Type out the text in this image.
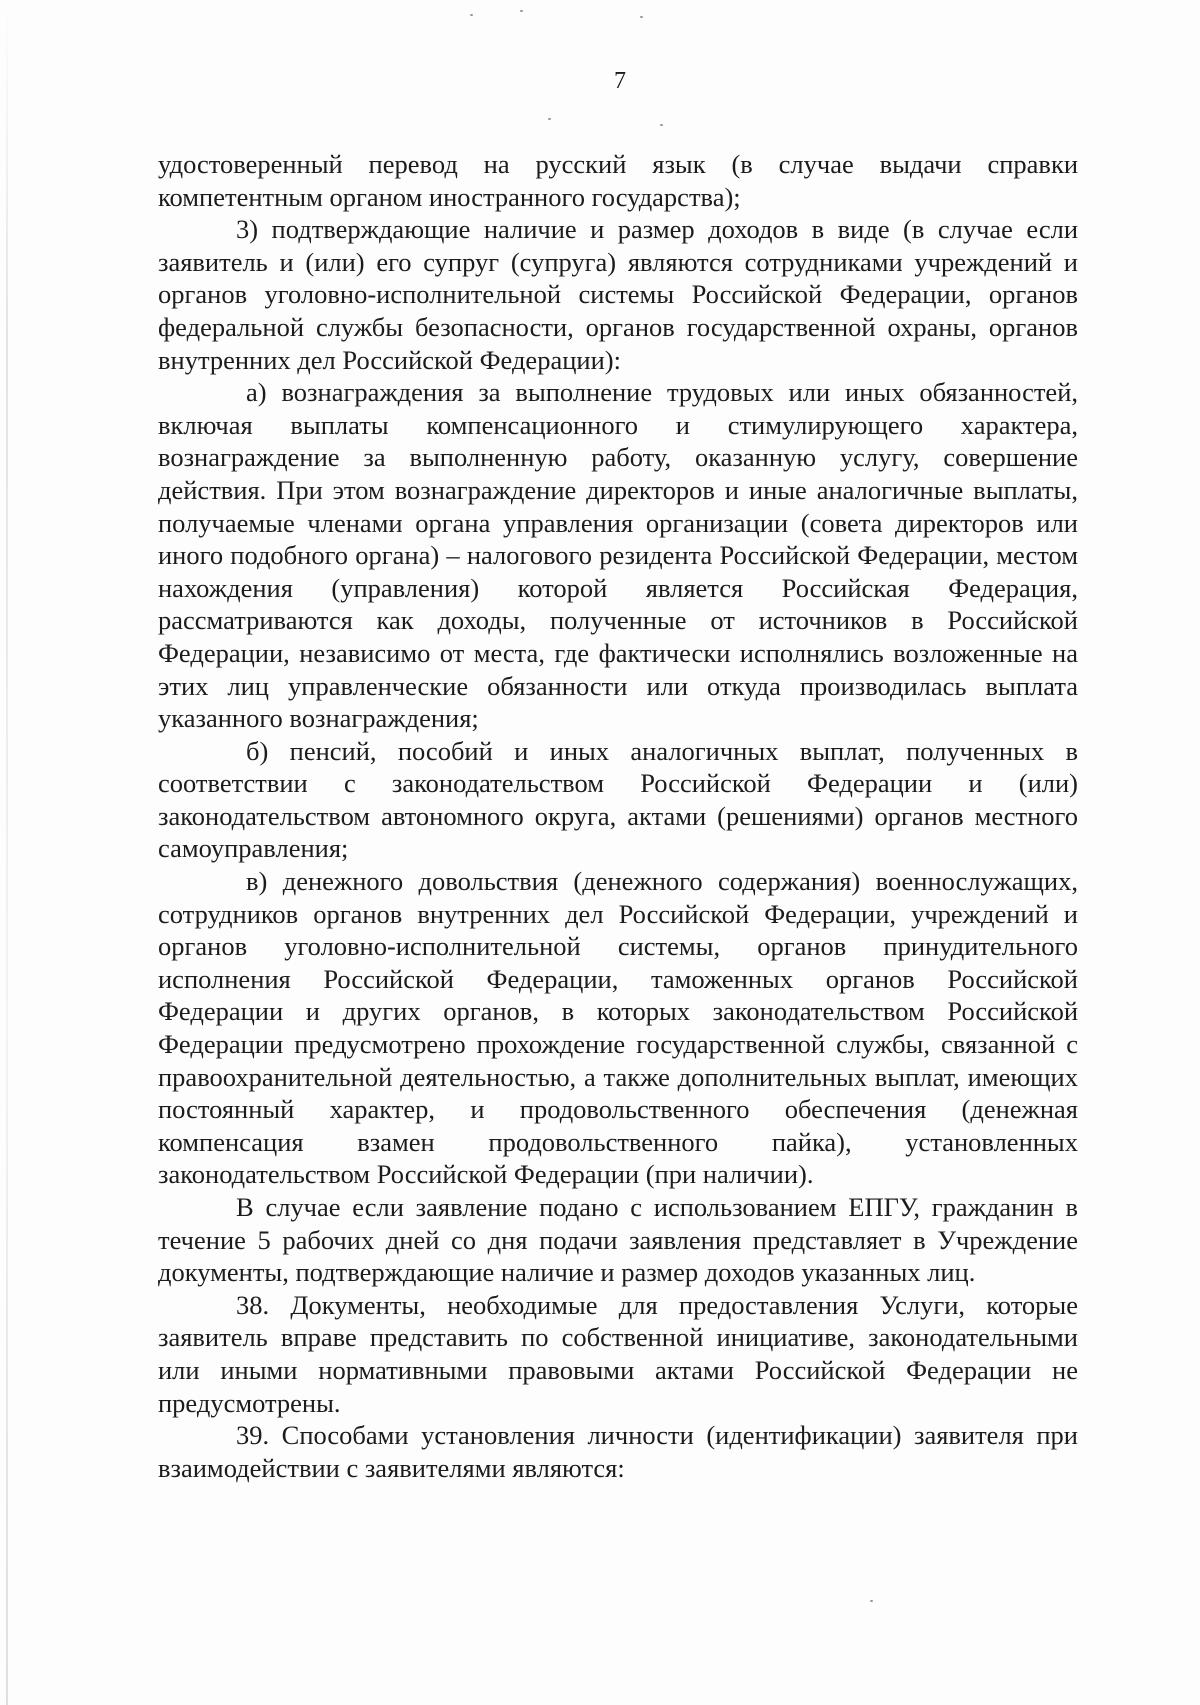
7

удостоверенный перевод на русский язык (в случае выдачи справки компетентным органом иностранного государства);

3) подтверждающие наличие и размер доходов в виде (в случае если заявитель и (или) его супруг (супруга) являются сотрудниками учреждений и органов уголовно-исполнительной системы Российской Федерации, органов федеральной службы безопасности, органов государственной охраны, органов внутренних дел Российской Федерации):

а) вознаграждения за выполнение трудовых или иных обязанностей, включая выплаты компенсационного и стимулирующего характера, вознаграждение за выполненную работу, оказанную услугу, совершение действия. При этом вознаграждение директоров и иные аналогичные выплаты, получаемые членами органа управления организации (совета директоров или иного подобного органа) – налогового резидента Российской Федерации, местом нахождения (управления) которой является Российская Федерация, рассматриваются как доходы, полученные от источников в Российской Федерации, независимо от места, где фактически исполнялись возложенные на этих лиц управленческие обязанности или откуда производилась выплата указанного вознаграждения;

б) пенсий, пособий и иных аналогичных выплат, полученных в соответствии с законодательством Российской Федерации и (или) законодательством автономного округа, актами (решениями) органов местного самоуправления;

в) денежного довольствия (денежного содержания) военнослужащих, сотрудников органов внутренних дел Российской Федерации, учреждений и органов уголовно-исполнительной системы, органов принудительного исполнения Российской Федерации, таможенных органов Российской Федерации и других органов, в которых законодательством Российской Федерации предусмотрено прохождение государственной службы, связанной с правоохранительной деятельностью, а также дополнительных выплат, имеющих постоянный характер, и продовольственного обеспечения (денежная компенсация взамен продовольственного пайка), установленных законодательством Российской Федерации (при наличии).

В случае если заявление подано с использованием ЕПГУ, гражданин в течение 5 рабочих дней со дня подачи заявления представляет в Учреждение документы, подтверждающие наличие и размер доходов указанных лиц.

38. Документы, необходимые для предоставления Услуги, которые заявитель вправе представить по собственной инициативе, законодательными или иными нормативными правовыми актами Российской Федерации не предусмотрены.

39. Способами установления личности (идентификации) заявителя при взаимодействии с заявителями являются:
